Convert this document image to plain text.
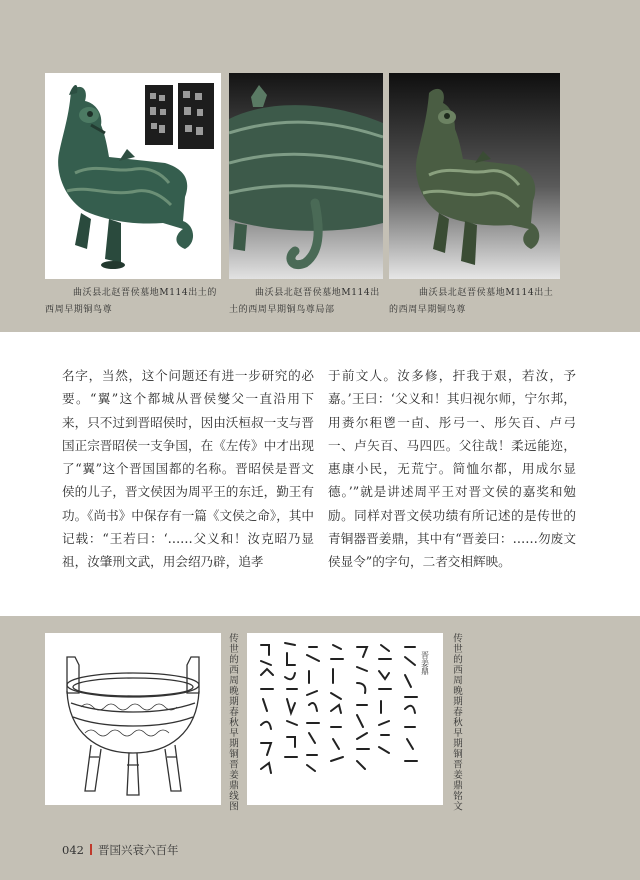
曲沃县北赵晋侯墓地M114出土的西周早期铜鸟尊
曲沃县北赵晋侯墓地M114出土的西周早期铜鸟尊局部
曲沃县北赵晋侯墓地M114出土的西周早期铜鸟尊
名字，当然，这个问题还有进一步研究的必要。“翼”这个都城从晋侯燮父一直沿用下来，只不过到晋昭侯时，因由沃桓叔一支与晋国正宗晋昭侯一支争国，在《左传》中才出现了“翼”这个晋国国都的名称。晋昭侯是晋文侯的儿子，晋文侯因为周平王的东迁，勤王有功。《尚书》中保存有一篇《文侯之命》，其中记载：“王若曰：‘……父义和！汝克昭乃显祖，汝肇刑文武，用会绍乃辟，追孝
于前文人。汝多修，扞我于艰，若汝，予嘉。’王曰：‘父义和！其归视尔师，宁尔邦，用赉尔秬鬯一卣、彤弓一、彤矢百、卢弓一、卢矢百、马四匹。父往哉！柔远能迩，惠康小民，无荒宁。简恤尔都，用成尔显德。’”就是讲述周平王对晋文侯的嘉奖和勉励。同样对晋文侯功绩有所记述的是传世的青铜器晋姜鼎，其中有“晋姜曰：……勿废文侯显令”的字句，二者交相辉映。
传世的西周晚期春秋早期铜晋姜鼎线图	晋姜鼎 传世的西周晚期春秋早期铜晋姜鼎铭文
042 晋国兴衰六百年
